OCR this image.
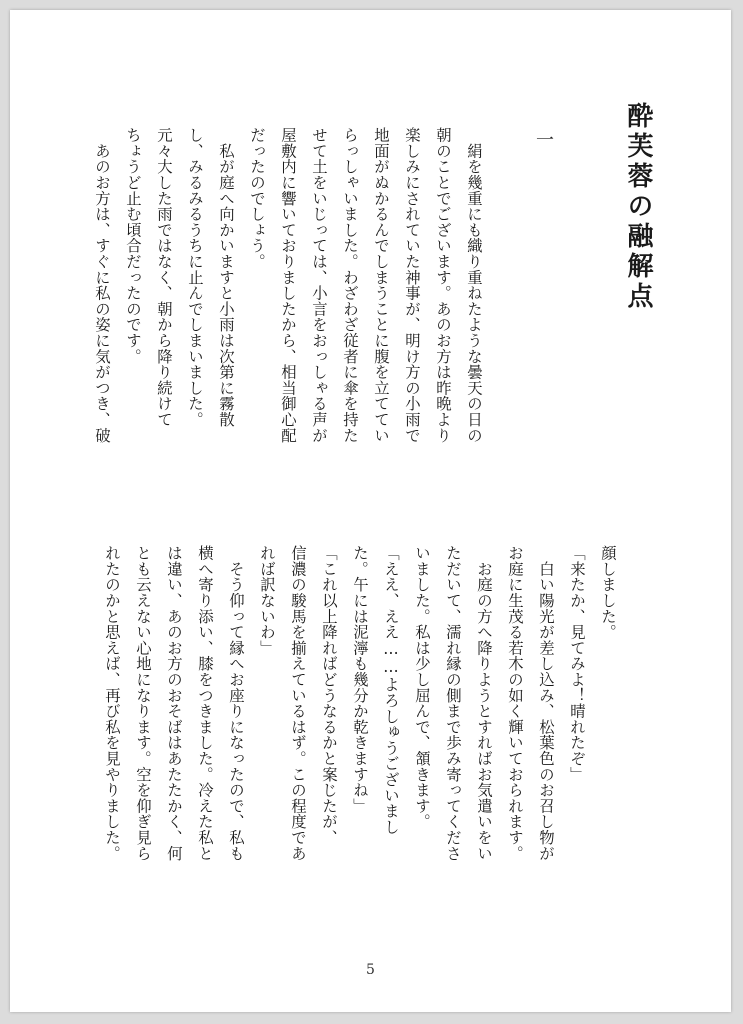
酔芙蓉の融解点
一
　絹を幾重にも織り重ねたような曇天の日の
朝のことでございます。あのお方は昨晩より
楽しみにされていた神事が、明け方の小雨で
地面がぬかるんでしまうことに腹を立ててい
らっしゃいました。わざわざ従者に傘を持た
せて土をいじっては、小言をおっしゃる声が
屋敷内に響いておりましたから、相当御心配
だったのでしょう。
　私が庭へ向かいますと小雨は次第に霧散
し、みるみるうちに止んでしまいました。
元々大した雨ではなく、朝から降り続けて
ちょうど止む頃合だったのです。
　あのお方は、すぐに私の姿に気がつき、破
顔しました。
「来たか、見てみよ！晴れたぞ」
　白い陽光が差し込み、松葉色のお召し物が
お庭に生茂る若木の如く輝いておられます。
　お庭の方へ降りようとすればお気遣いをい
ただいて、濡れ縁の側まで歩み寄ってくださ
いました。私は少し屈んで、頷きます。
「ええ、ええ……よろしゅうございまし
た。午には泥濘も幾分か乾きますね」
「これ以上降ればどうなるかと案じたが、
信濃の駿馬を揃えているはず。この程度であ
れば訳ないわ」
　そう仰って縁へお座りになったので、私も
横へ寄り添い、膝をつきました。冷えた私と
は違い、あのお方のおそばはあたたかく、何
とも云えない心地になります。空を仰ぎ見ら
れたのかと思えば、再び私を見やりました。
5
